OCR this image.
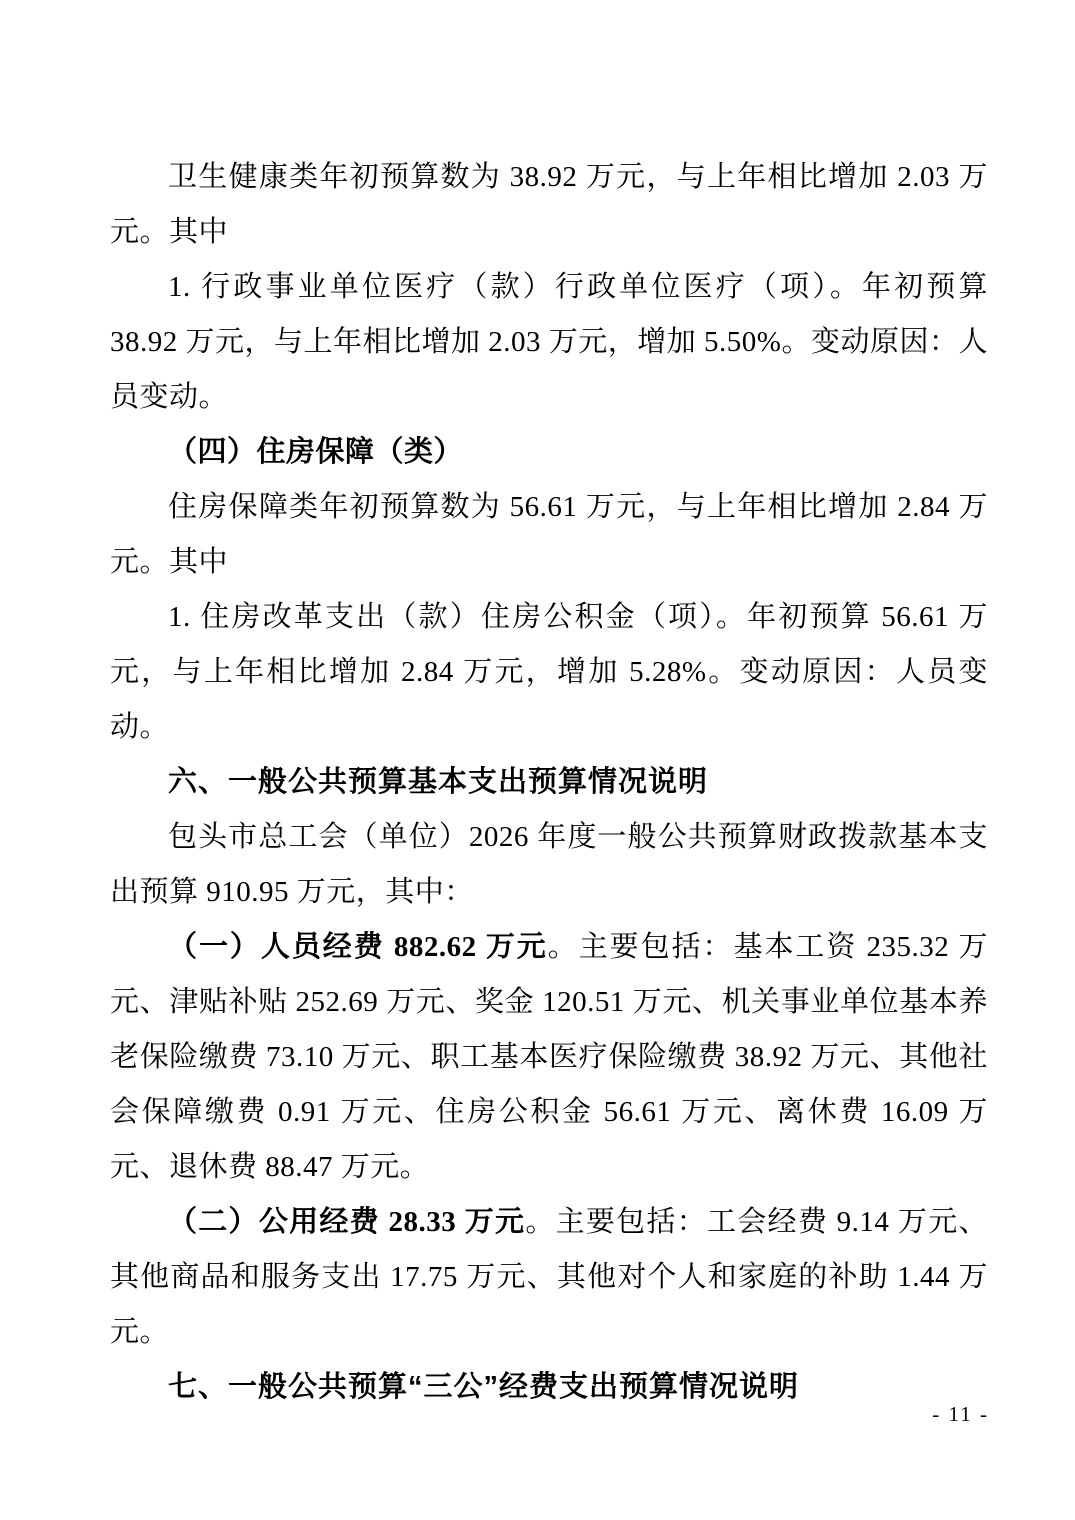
卫生健康类年初预算数为 38.92 万元，与上年相比增加 2.03 万元。其中

1. 行政事业单位医疗（款）行政单位医疗（项）。年初预算 38.92 万元，与上年相比增加 2.03 万元，增加 5.50%。变动原因：人员变动。

（四）住房保障（类）

住房保障类年初预算数为 56.61 万元，与上年相比增加 2.84 万元。其中

1. 住房改革支出（款）住房公积金（项）。年初预算 56.61 万元，与上年相比增加 2.84 万元，增加 5.28%。变动原因：人员变动。

六、一般公共预算基本支出预算情况说明

包头市总工会（单位）2026 年度一般公共预算财政拨款基本支出预算 910.95 万元，其中：

（一）人员经费 882.62 万元。主要包括：基本工资 235.32 万元、津贴补贴 252.69 万元、奖金 120.51 万元、机关事业单位基本养老保险缴费 73.10 万元、职工基本医疗保险缴费 38.92 万元、其他社会保障缴费 0.91 万元、住房公积金 56.61 万元、离休费 16.09 万元、退休费 88.47 万元。

（二）公用经费 28.33 万元。主要包括：工会经费 9.14 万元、其他商品和服务支出 17.75 万元、其他对个人和家庭的补助 1.44 万元。

七、一般公共预算“三公”经费支出预算情况说明

- 11 -
